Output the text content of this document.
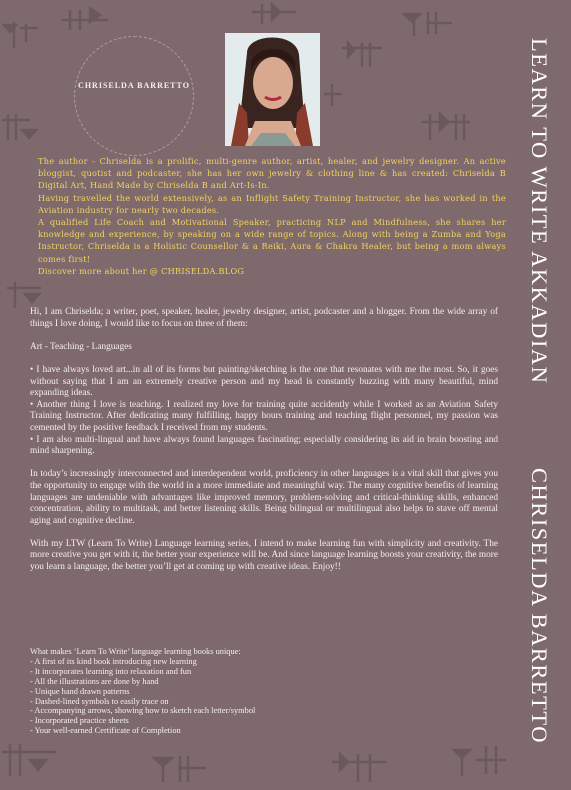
CHRISELDA BARRETTO

The author - Chriselda is a prolific, multi-genre author, artist, healer, and jewelry designer. An active bloggist, quotist and podcaster, she has her own jewelry & clothing line & has created: Chriselda B Digital Art, Hand Made by Chriselda B and Art-Is-In.

Having travelled the world extensively, as an Inflight Safety Training Instructor, she has worked in the Aviation industry for nearly two decades.

A qualified Life Coach and Motivational Speaker, practicing NLP and Mindfulness, she shares her knowledge and experience, by speaking on a wide range of topics. Along with being a Zumba and Yoga Instructor, Chriselda is a Holistic Counsellor & a Reiki, Aura & Chakra Healer, but being a mom always comes first!

Discover more about her @ CHRISELDA.BLOG

Hi, I am Chriselda; a writer, poet, speaker, healer, jewelry designer, artist, podcaster and a blogger. From the wide array of things I love doing, I would like to focus on three of them:

Art - Teaching - Languages

• I have always loved art...in all of its forms but painting/sketching is the one that resonates with me the most. So, it goes without saying that I am an extremely creative person and my head is constantly buzzing with many beautiful, mind expanding ideas.

• Another thing I love is teaching. I realized my love for training quite accidently while I worked as an Aviation Safety Training Instructor. After dedicating many fulfilling, happy hours training and teaching flight personnel, my passion was cemented by the positive feedback I received from my students.

• I am also multi-lingual and have always found languages fascinating; especially considering its aid in brain boosting and mind sharpening.

In today’s increasingly interconnected and interdependent world, proficiency in other languages is a vital skill that gives you the opportunity to engage with the world in a more immediate and meaningful way. The many cognitive benefits of learning languages are undeniable with advantages like improved memory, problem-solving and critical-thinking skills, enhanced concentration, ability to multitask, and better listening skills. Being bilingual or multilingual also helps to stave off mental aging and cognitive decline.

With my LTW (Learn To Write) Language learning series, I intend to make learning fun with simplicity and creativity. The more creative you get with it, the better your experience will be. And since language learning boosts your creativity, the more you learn a language, the better you’ll get at coming up with creative ideas. Enjoy!!

What makes ‘Learn To Write’ language learning books unique:
- A first of its kind book introducing new learning
- It incorporates learning into relaxation and fun
- All the illustrations are done by hand
- Unique hand drawn patterns
- Dashed-lined symbols to easily trace on
- Accompanying arrows, showing how to sketch each letter/symbol
- Incorporated practice sheets
- Your well-earned Certificate of Completion
LEARN TO WRITE AKKADIAN
CHRISELDA BARRETTO
